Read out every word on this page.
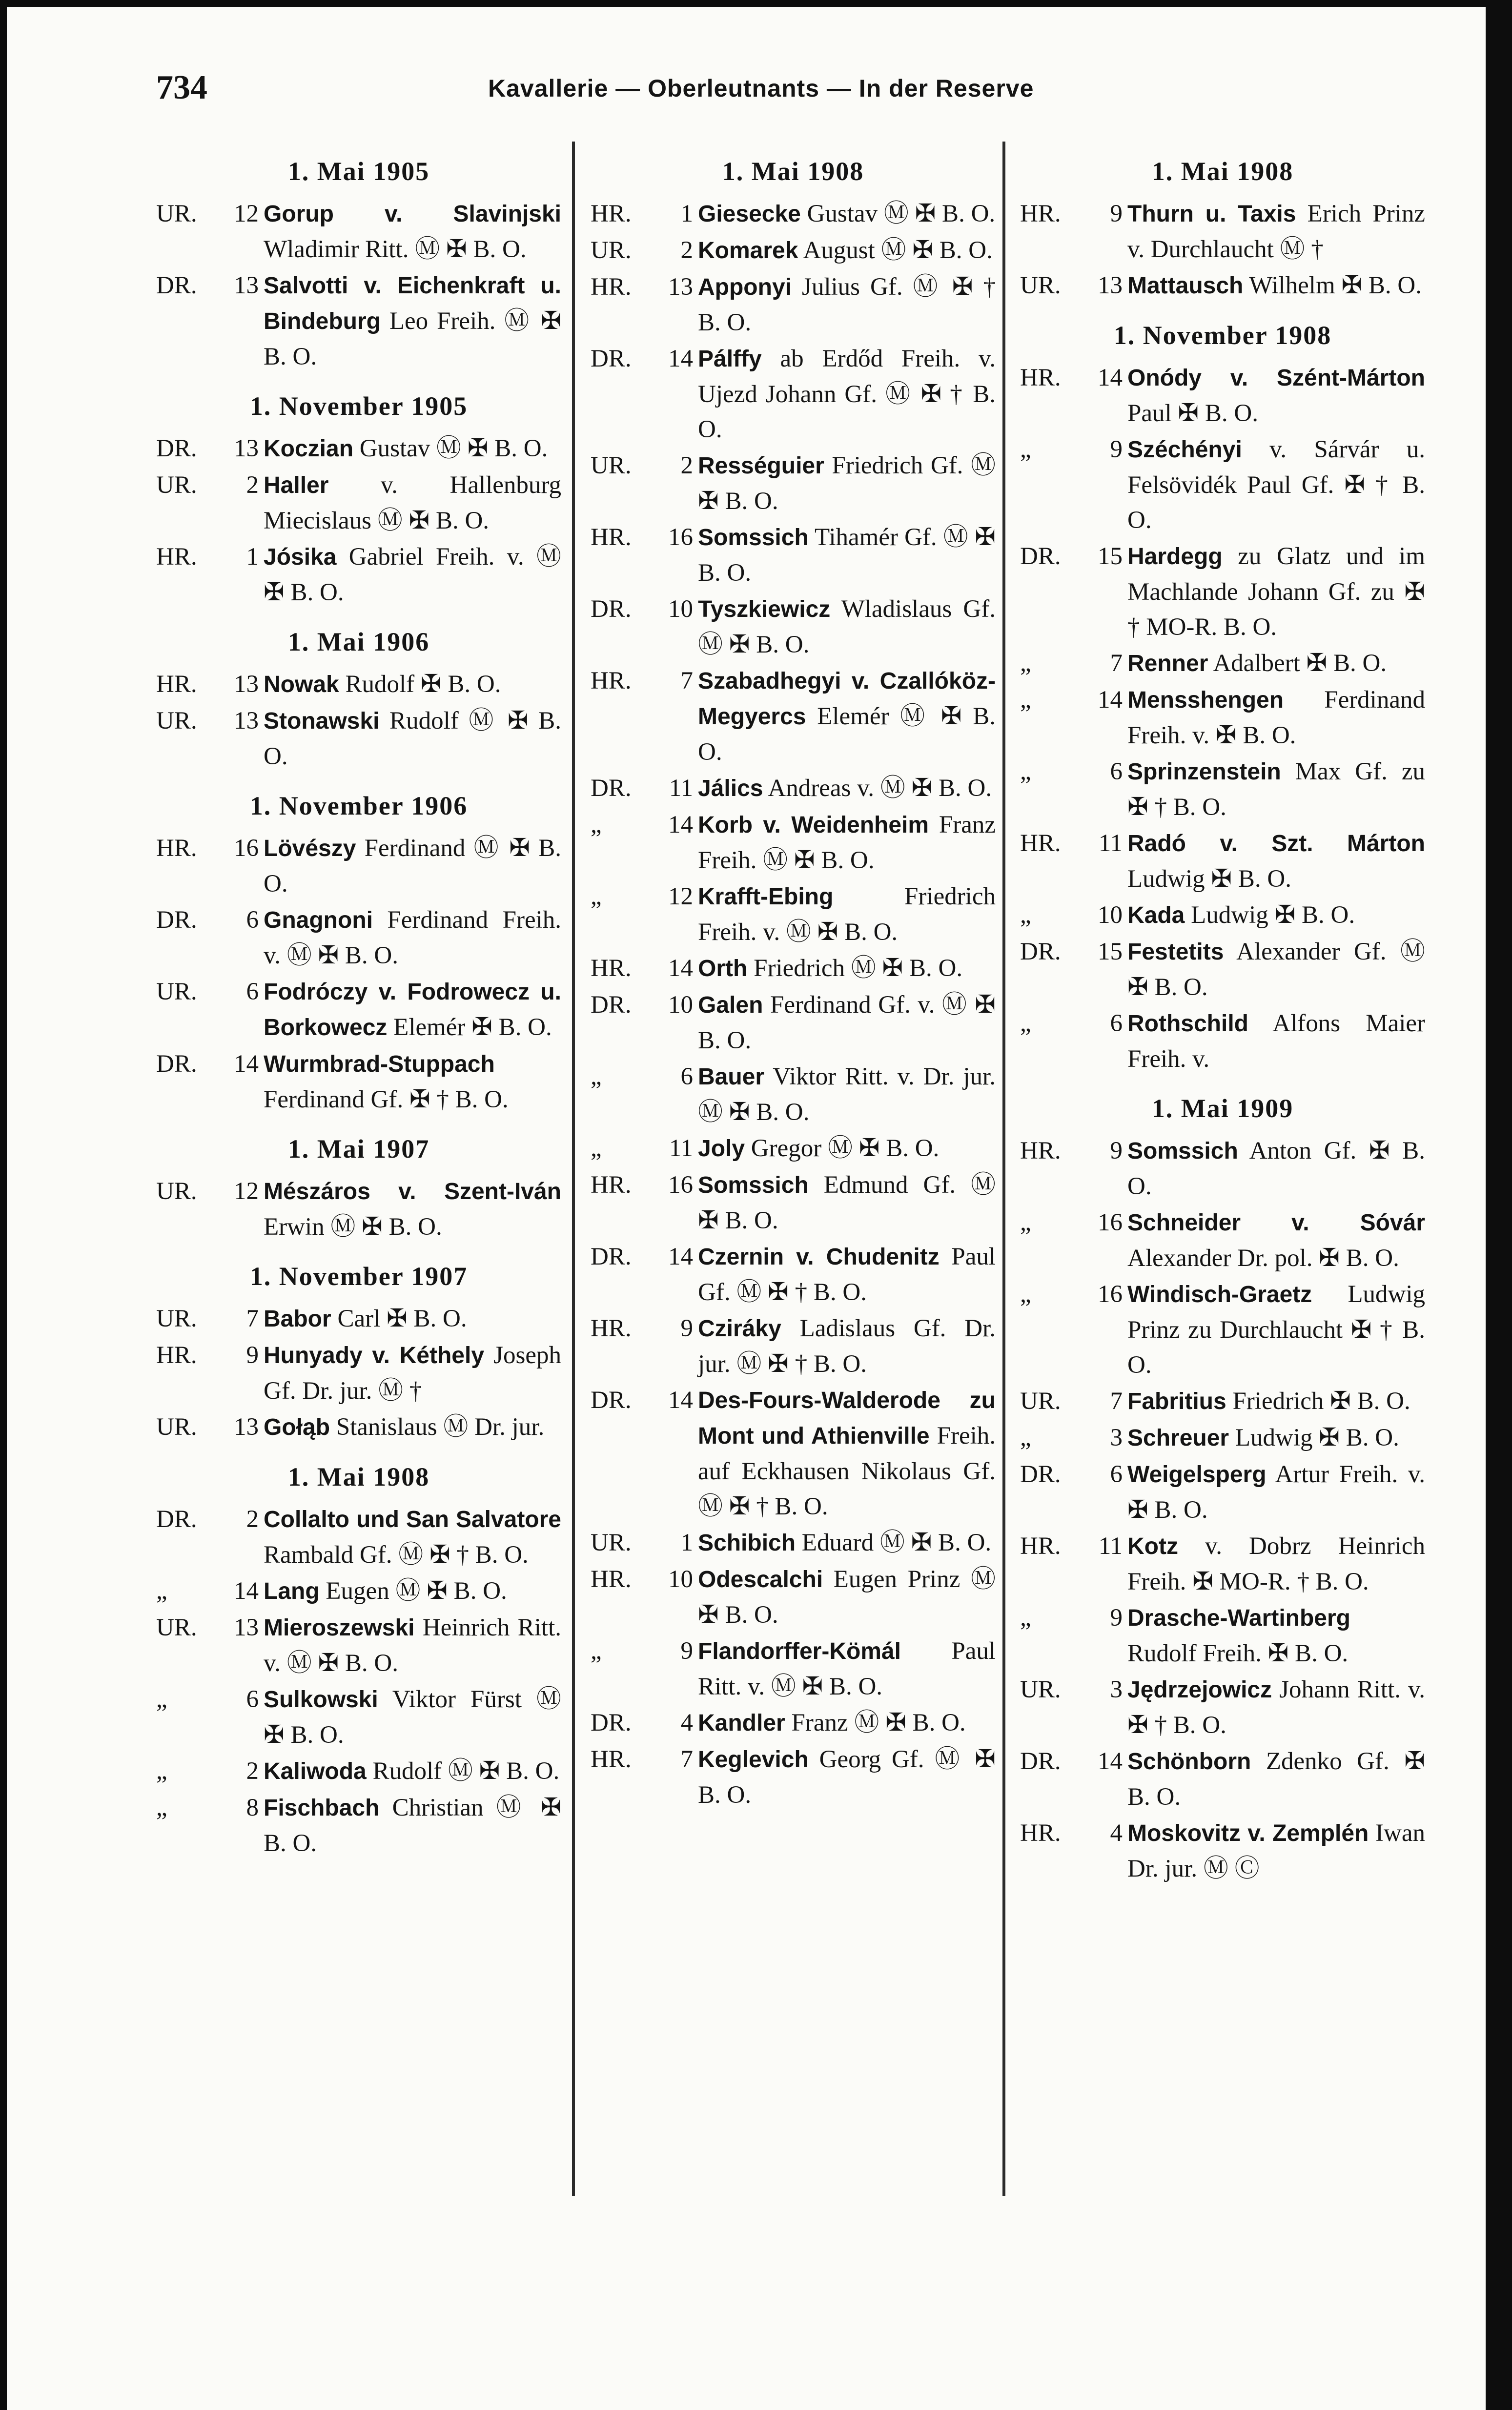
734	Kavallerie — Oberleutnants — In der Reserve
1. Mai 1905
UR.	12 Gorup v. Slavinjski Wladimir Ritt. Ⓜ ✠ B. O.
DR.	13 Salvotti v. Eichenkraft u. Bindeburg Leo Freih. Ⓜ ✠ B. O.
1. November 1905
DR.	13 Koczian Gustav Ⓜ ✠ B. O.
UR.	2 Haller v. Hallenburg Miecislaus Ⓜ ✠ B. O.
HR.	1 Jósika Gabriel Freih. v. Ⓜ ✠ B. O.
1. Mai 1906
HR.	13 Nowak Rudolf ✠ B. O.
UR.	13 Stonawski Rudolf Ⓜ ✠ B. O.
1. November 1906
HR.	16 Lövészy Ferdinand Ⓜ ✠ B. O.
DR.	6 Gnagnoni Ferdinand Freih. v. Ⓜ ✠ B. O.
UR.	6 Fodróczy v. Fodrowecz u. Borkowecz Elemér ✠ B. O.
DR.	14 Wurmbrad-Stuppach Ferdinand Gf. ✠ † B. O.
1. Mai 1907
UR.	12 Mészáros v. Szent-Iván Erwin Ⓜ ✠ B. O.
1. November 1907
UR.	7 Babor Carl ✠ B. O.
HR.	9 Hunyady v. Kéthely Joseph Gf. Dr. jur. Ⓜ †
UR.	13 Gołąb Stanislaus Ⓜ Dr. jur.
1. Mai 1908
DR.	2 Collalto und San Salvatore Rambald Gf. Ⓜ ✠ † B. O.
„	14 Lang Eugen Ⓜ ✠ B. O.
UR.	13 Mieroszewski Heinrich Ritt. v. Ⓜ ✠ B. O.
„	6 Sulkowski Viktor Fürst Ⓜ ✠ B. O.
„	2 Kaliwoda Rudolf Ⓜ ✠ B. O.
„	8 Fischbach Christian Ⓜ ✠ B. O.
1. Mai 1908
HR.	1 Giesecke Gustav Ⓜ ✠ B. O.
UR.	2 Komarek August Ⓜ ✠ B. O.
HR.	13 Apponyi Julius Gf. Ⓜ ✠ † B. O.
DR.	14 Pálffy ab Erdőd Freih. v. Ujezd Johann Gf. Ⓜ ✠ † B. O.
UR.	2 Rességuier Friedrich Gf. Ⓜ ✠ B. O.
HR.	16 Somssich Tihamér Gf. Ⓜ ✠ B. O.
DR.	10 Tyszkiewicz Wladislaus Gf. Ⓜ ✠ B. O.
HR.	7 Szabadhegyi v. Czallóköz-Megyercs Elemér Ⓜ ✠ B. O.
DR.	11 Jálics Andreas v. Ⓜ ✠ B. O.
„	14 Korb v. Weidenheim Franz Freih. Ⓜ ✠ B. O.
„	12 Krafft-Ebing	Friedrich Freih. v. Ⓜ ✠ B. O.
HR.	14 Orth Friedrich Ⓜ ✠ B. O.
DR.	10 Galen Ferdinand Gf. v. Ⓜ ✠ B. O.
„	6 Bauer Viktor Ritt. v. Dr. jur. Ⓜ ✠ B. O.
„	11 Joly Gregor Ⓜ ✠ B. O.
HR.	16 Somssich Edmund Gf. Ⓜ ✠ B. O.
DR.	14 Czernin v. Chudenitz Paul Gf. Ⓜ ✠ † B. O.
HR.	9 Cziráky Ladislaus Gf. Dr. jur. Ⓜ ✠ † B. O.
DR.	14 Des-Fours-Walderode zu Mont und Athienville Freih. auf Eckhausen Nikolaus Gf. Ⓜ ✠ † B. O.
UR.	1 Schibich Eduard Ⓜ ✠ B. O.
HR.	10 Odescalchi Eugen Prinz Ⓜ ✠ B. O.
„	9 Flandorffer-Kömál Paul Ritt. v. Ⓜ ✠ B. O.
DR.	4 Kandler Franz Ⓜ ✠ B. O.
HR.	7 Keglevich Georg Gf. Ⓜ ✠ B. O.
1. Mai 1908
HR.	9 Thurn u. Taxis Erich Prinz v. Durchlaucht Ⓜ †
UR.	13 Mattausch Wilhelm ✠ B. O.
1. November 1908
HR.	14 Onódy v. Szént-Márton Paul ✠ B. O.
„	9 Széchényi v. Sárvár u. Felsövidék Paul Gf. ✠ † B. O.
DR.	15 Hardegg zu Glatz und im Machlande Johann Gf. zu ✠ † MO-R. B. O.
„	7 Renner Adalbert ✠ B. O.
„	14 Mensshengen Ferdinand Freih. v. ✠ B. O.
„	6 Sprinzenstein Max Gf. zu ✠ † B. O.
HR.	11 Radó v. Szt. Márton Ludwig ✠ B. O.
„	10 Kada Ludwig ✠ B. O.
DR.	15 Festetits Alexander Gf. Ⓜ ✠ B. O.
„	6 Rothschild Alfons Maier Freih. v.
1. Mai 1909
HR.	9 Somssich Anton Gf. ✠ B. O.
„	16 Schneider v. Sóvár Alexander Dr. pol. ✠ B. O.
„	16 Windisch-Graetz Ludwig Prinz zu Durchlaucht ✠ † B. O.
UR.	7 Fabritius Friedrich ✠ B. O.
„	3 Schreuer Ludwig ✠ B. O.
DR.	6 Weigelsperg Artur Freih. v. ✠ B. O.
HR.	11 Kotz v. Dobrz Heinrich Freih. ✠ MO-R. † B. O.
„	9 Drasche-Wartinberg Rudolf Freih. ✠ B. O.
UR.	3 Jędrzejowicz Johann Ritt. v. ✠ † B. O.
DR.	14 Schönborn Zdenko Gf. ✠ B. O.
HR.	4 Moskovitz v. Zemplén Iwan Dr. jur. Ⓜ Ⓒ
